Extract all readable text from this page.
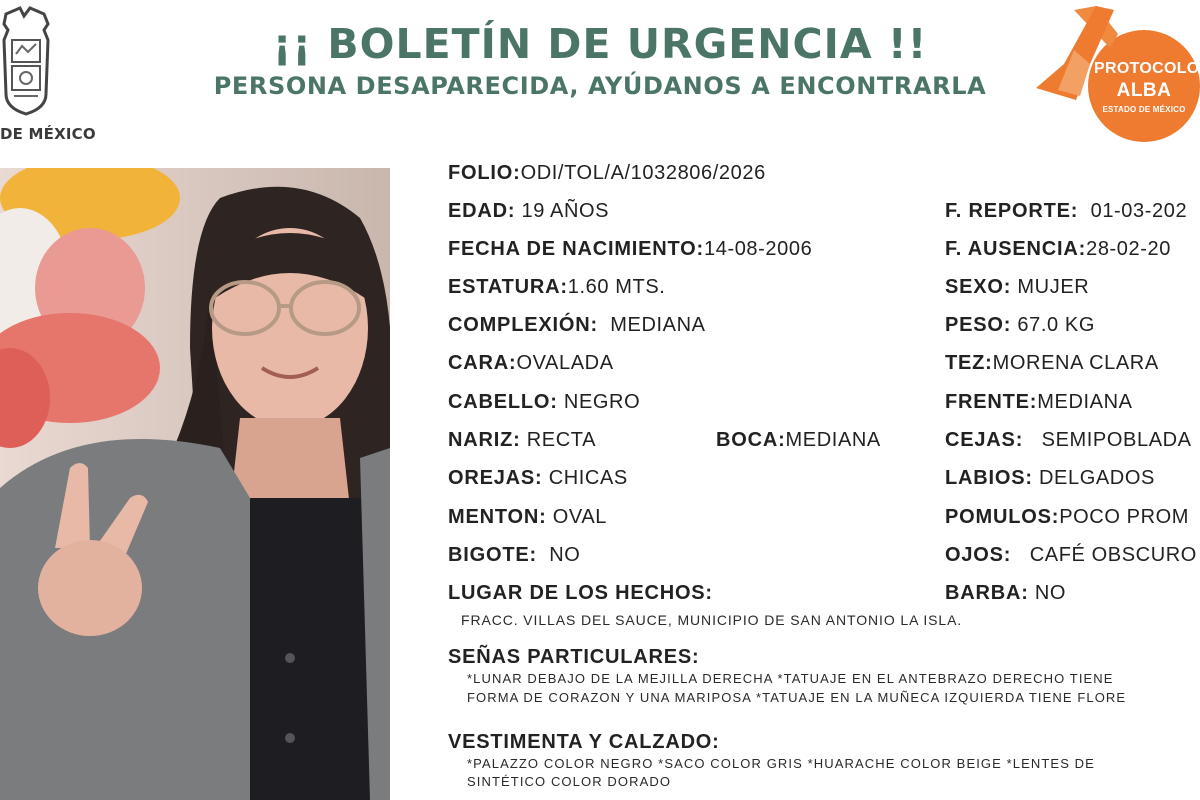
DE MÉXICO
¡¡ BOLETÍN DE URGENCIA !!
PERSONA DESAPARECIDA, AYÚDANOS A ENCONTRARLA
PROTOCOLO
ALBA
ESTADO DE MÉXICO
FOLIO:ODI/TOL/A/1032806/2026
EDAD: 19 AÑOS
FECHA DE NACIMIENTO:14-08-2006
ESTATURA:1.60 MTS.
COMPLEXIÓN: MEDIANA
CARA:OVALADA
CABELLO: NEGRO
NARIZ: RECTA	BOCA:MEDIANA
OREJAS: CHICAS
MENTON: OVAL
BIGOTE: NO
F. REPORTE: 01-03-202
F. AUSENCIA:28-02-20
SEXO: MUJER
PESO: 67.0 KG
TEZ:MORENA CLARA
FRENTE:MEDIANA
CEJAS: SEMIPOBLADA
LABIOS: DELGADOS
POMULOS:POCO PROM
OJOS: CAFÉ OBSCURO
BARBA: NO
LUGAR DE LOS HECHOS:
FRACC. VILLAS DEL SAUCE, MUNICIPIO DE SAN ANTONIO LA ISLA.
SEÑAS PARTICULARES:
*LUNAR DEBAJO DE LA MEJILLA DERECHA *TATUAJE EN EL ANTEBRAZO DERECHO TIENE
FORMA DE CORAZON Y UNA MARIPOSA *TATUAJE EN LA MUÑECA IZQUIERDA TIENE FLORE
VESTIMENTA Y CALZADO:
*PALAZZO COLOR NEGRO *SACO COLOR GRIS *HUARACHE COLOR BEIGE *LENTES DE
SINTÉTICO COLOR DORADO
